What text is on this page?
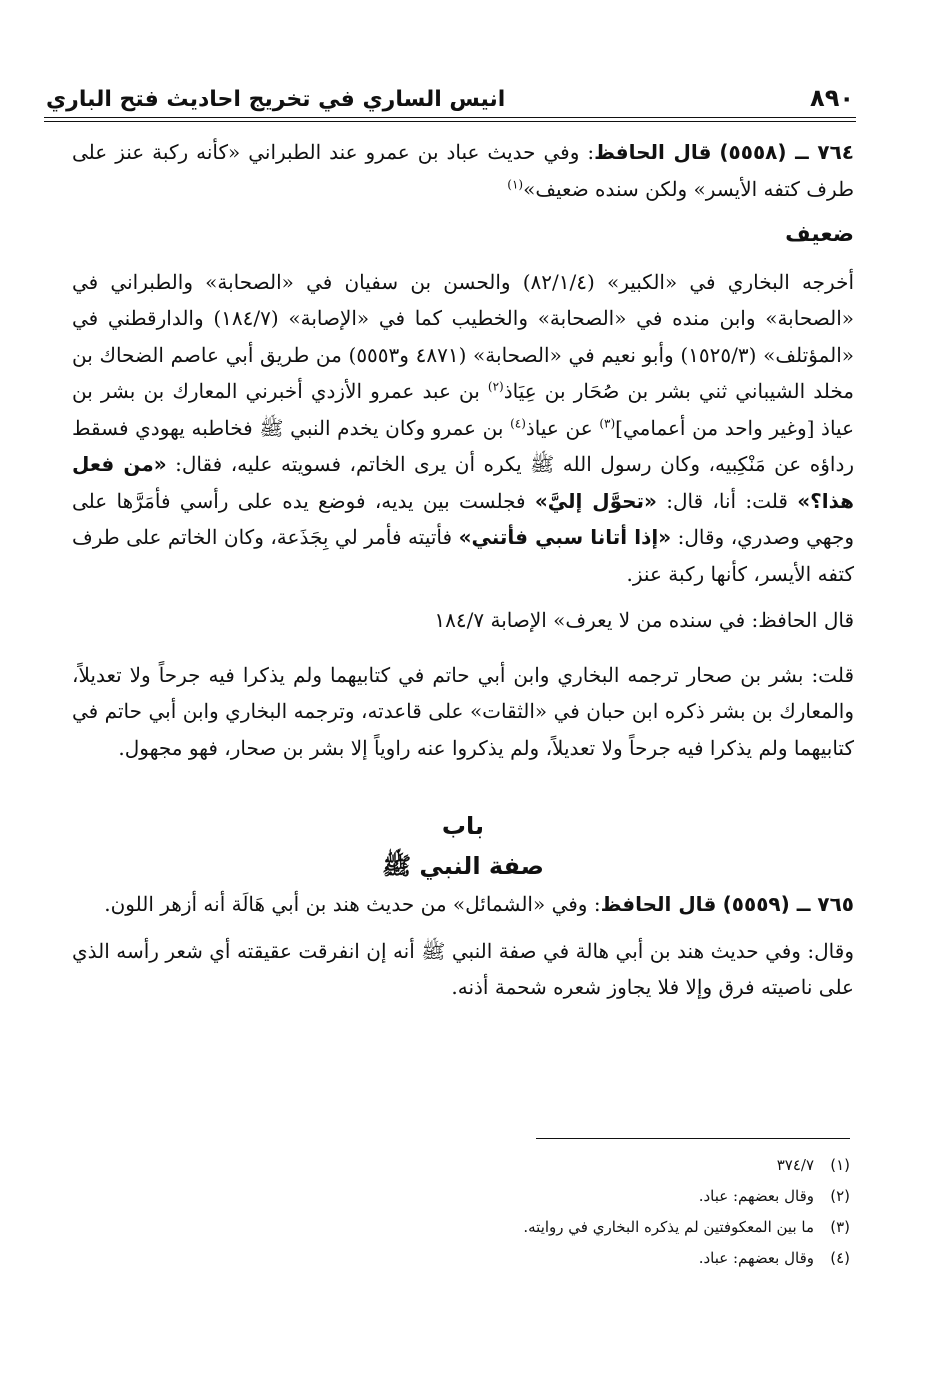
انيس الساري في تخريج احاديث فتح الباري	٨٩٠

٧٦٤ ــ (٥٥٥٨) قال الحافظ: وفي حديث عباد بن عمرو عند الطبراني «كأنه ركبة عنز على طرف كتفه الأيسر» ولكن سنده ضعيف»$^{(١)}$

ضعيف

أخرجه البخاري في «الكبير» (٨٢/١/٤) والحسن بن سفيان في «الصحابة» والطبراني في «الصحابة» وابن منده في «الصحابة» والخطيب كما في «الإصابة» (١٨٤/٧) والدارقطني في «المؤتلف» (١٥٢٥/٣) وأبو نعيم في «الصحابة» (٤٨٧١ و٥٥٥٣) من طريق أبي عاصم الضحاك بن مخلد الشيباني ثني بشر بن صُحَار بن عِيَاذ$^{(٢)}$ بن عبد عمرو الأزدي أخبرني المعارك بن بشر بن عياذ [وغير واحد من أعمامي]$^{(٣)}$ عن عياذ$^{(٤)}$ بن عمرو وكان يخدم النبي ﷺ فخاطبه يهودي فسقط رداؤه عن مَنْكِبيه، وكان رسول الله ﷺ يكره أن يرى الخاتم، فسويته عليه، فقال: «من فعل هذا؟» قلت: أنا، قال: «تحوَّل إليَّ» فجلست بين يديه، فوضع يده على رأسي فأمَرَّها على وجهي وصدري، وقال: «إذا أتانا سبي فأتني» فأتيته فأمر لي بِجَذَعة، وكان الخاتم على طرف كتفه الأيسر، كأنها ركبة عنز.

قال الحافظ: في سنده من لا يعرف» الإصابة ١٨٤/٧

قلت: بشر بن صحار ترجمه البخاري وابن أبي حاتم في كتابيهما ولم يذكرا فيه جرحاً ولا تعديلاً، والمعارك بن بشر ذكره ابن حبان في «الثقات» على قاعدته، وترجمه البخاري وابن أبي حاتم في كتابيهما ولم يذكرا فيه جرحاً ولا تعديلاً، ولم يذكروا عنه راوياً إلا بشر بن صحار، فهو مجهول.

باب

صفة النبي ﷺ

٧٦٥ ــ (٥٥٥٩) قال الحافظ: وفي «الشمائل» من حديث هند بن أبي هَالَة أنه أزهر اللون.

وقال: وفي حديث هند بن أبي هالة في صفة النبي ﷺ أنه إن انفرقت عقيقته أي شعر رأسه الذي على ناصيته فرق وإلا فلا يجاوز شعره شحمة أذنه.

(١)
٣٧٤/٧
(٢)
وقال بعضهم: عباد.
(٣)
ما بين المعكوفتين لم يذكره البخاري في روايته.
(٤)
وقال بعضهم: عباد.
